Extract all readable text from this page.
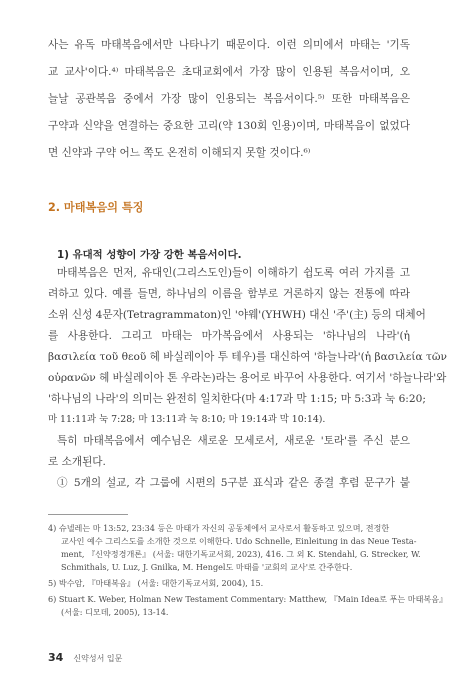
사는 유독 마태복음에서만 나타나기 때문이다. 이런 의미에서 마태는 '기독
교 교사'이다.⁴⁾ 마태복음은 초대교회에서 가장 많이 인용된 복음서이며, 오
늘날 공관복음 중에서 가장 많이 인용되는 복음서이다.⁵⁾ 또한 마태복음은
구약과 신약을 연결하는 중요한 고리(약 130회 인용)이며, 마태복음이 없었다
면 신약과 구약 어느 쪽도 온전히 이해되지 못할 것이다.⁶⁾
2. 마태복음의 특징
1) 유대적 성향이 가장 강한 복음서이다.
마태복음은 먼저, 유대인(그리스도인)들이 이해하기 쉽도록 여러 가지를 고
려하고 있다. 예를 들면, 하나님의 이름을 함부로 거론하지 않는 전통에 따라
소위 신성 4문자(Tetragrammaton)인 '야웨'(YHWH) 대신 '주'(主) 등의 대체어
를 사용한다. 그리고 마태는 마가복음에서 사용되는 '하나님의 나라'(ἡ
βασιλεία τοῦ θεοῦ 헤 바실레이아 투 테우)를 대신하여 '하늘나라'(ἡ βασιλεία τῶν
οὐρανῶν 헤 바실레이아 톤 우라논)라는 용어로 바꾸어 사용한다. 여기서 '하늘나라'와
'하나님의 나라'의 의미는 완전히 일치한다(마 4:17과 막 1:15; 마 5:3과 눅 6:20;
마 11:11과 눅 7:28; 마 13:11과 눅 8:10; 마 19:14과 막 10:14).
특히 마태복음에서 예수님은 새로운 모세로서, 새로운 '토라'를 주신 분으
로 소개된다.
① 5개의 설교, 각 그룹에 시편의 5구분 표식과 같은 종결 후렴 문구가 붙
4) 슈넬레는 마 13:52, 23:34 등은 마태가 자신의 공동체에서 교사로서 활동하고 있으며, 전정한
교사인 예수 그리스도를 소개한 것으로 이해한다. Udo Schnelle, Einleitung in das Neue Testa-
ment, 『신약정경개론』 (서울: 대한기독교서회, 2023), 416. 그 외 K. Stendahl, G. Strecker, W.
Schmithals, U. Luz, J. Gnilka, M. Hengel도 마태를 '교회의 교사'로 간주한다.
5) 박수암, 『마태복음』 (서울: 대한기독교서회, 2004), 15.
6) Stuart K. Weber, Holman New Testament Commentary: Matthew, 『Main Idea로 푸는 마태복음』
(서울: 디모데, 2005), 13-14.
34 신약성서 입문
